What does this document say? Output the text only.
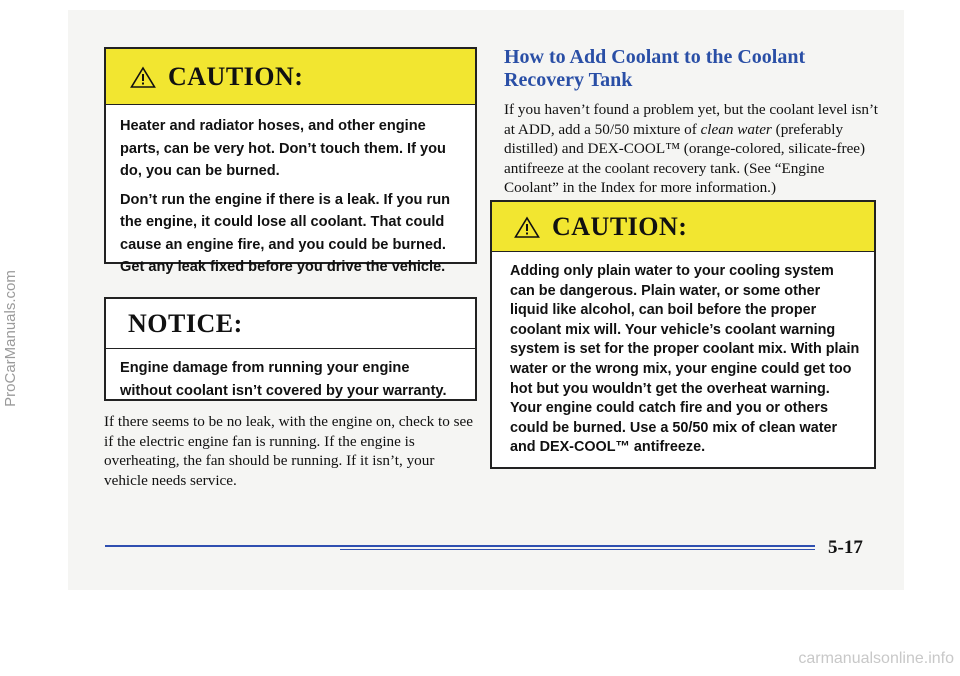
CAUTION:

Heater and radiator hoses, and other engine parts, can be very hot. Don’t touch them. If you do, you can be burned.

Don’t run the engine if there is a leak. If you run the engine, it could lose all coolant. That could cause an engine fire, and you could be burned. Get any leak fixed before you drive the vehicle.

NOTICE:

Engine damage from running your engine without coolant isn’t covered by your warranty.

If there seems to be no leak, with the engine on, check to see if the electric engine fan is running. If the engine is overheating, the fan should be running. If it isn’t, your vehicle needs service.

How to Add Coolant to the Coolant Recovery Tank

If you haven’t found a problem yet, but the coolant level isn’t at ADD, add a 50/50 mixture of clean water (preferably distilled) and DEX-COOL™ (orange-colored, silicate-free) antifreeze at the coolant recovery tank. (See “Engine Coolant” in the Index for more information.)

CAUTION:

Adding only plain water to your cooling system can be dangerous. Plain water, or some other liquid like alcohol, can boil before the proper coolant mix will. Your vehicle’s coolant warning system is set for the proper coolant mix. With plain water or the wrong mix, your engine could get too hot but you wouldn’t get the overheat warning. Your engine could catch fire and you or others could be burned. Use a 50/50 mix of clean water and DEX-COOL™ antifreeze.

5-17
ProCarManuals.com
carmanualsonline.info
